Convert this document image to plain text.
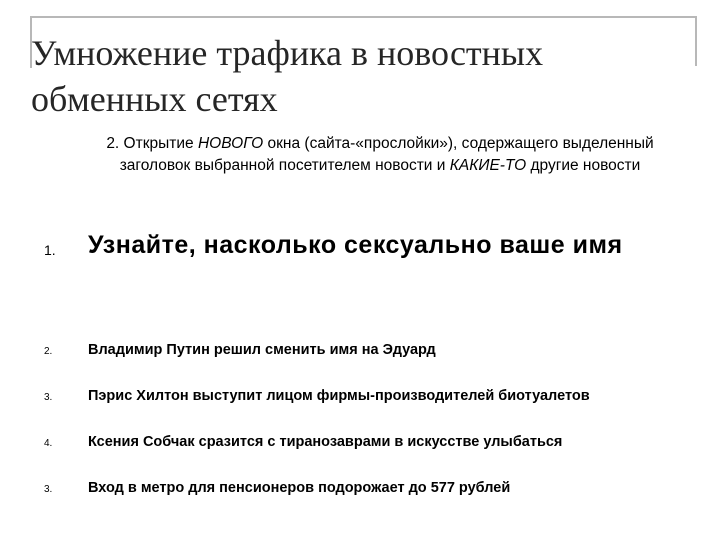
Умножение трафика в новостных обменных сетях

2. Открытие НОВОГО окна (сайта-«прослойки»), содержащего выделенный заголовок выбранной посетителем новости и КАКИЕ-ТО другие новости

1. Узнайте, насколько сексуально ваше имя
2. Владимир Путин решил сменить имя на Эдуард
3. Пэрис Хилтон выступит лицом фирмы-производителей биотуалетов
4. Ксения Собчак сразится с тиранозаврами в искусстве улыбаться
3. Вход в метро для пенсионеров подорожает до 577 рублей
